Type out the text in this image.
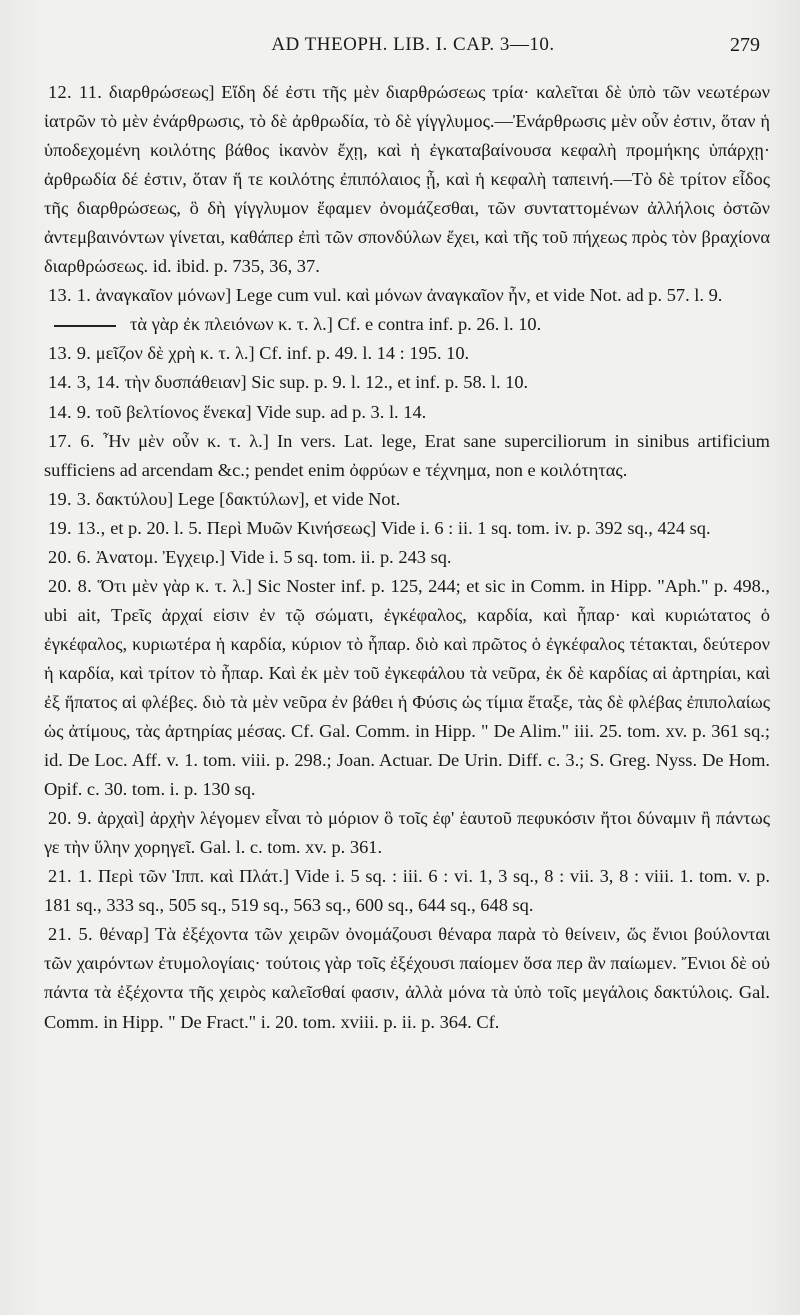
AD THEOPH. LIB. I. CAP. 3—10.	279

12. 11. διαρθρώσεως] Εἴδη δέ ἐστι τῆς μὲν διαρθρώσεως τρία· καλεῖται δὲ ὑπὸ τῶν νεωτέρων ἰατρῶν τὸ μὲν ἐνάρθρωσις, τὸ δὲ ἀρθρωδία, τὸ δὲ γίγγλυμος.—Ἐνάρθρωσις μὲν οὖν ἐστιν, ὅταν ἡ ὑποδεχομένη κοιλότης βάθος ἱκανὸν ἔχῃ, καὶ ἡ ἐγκαταβαίνουσα κεφαλὴ προμήκης ὑπάρχῃ· ἀρθρωδία δέ ἐστιν, ὅταν ἥ τε κοιλότης ἐπιπόλαιος ᾖ, καὶ ἡ κεφαλὴ ταπεινή.—Τὸ δὲ τρίτον εἶδος τῆς διαρθρώσεως, ὃ δὴ γίγγλυμον ἔφαμεν ὀνομάζεσθαι, τῶν συνταττομένων ἀλλήλοις ὀστῶν ἀντεμβαινόντων γίνεται, καθάπερ ἐπὶ τῶν σπονδύλων ἔχει, καὶ τῆς τοῦ πήχεως πρὸς τὸν βραχίονα διαρθρώσεως. id. ibid. p. 735, 36, 37.

13. 1. ἀναγκαῖον μόνων] Lege cum vul. καὶ μόνων ἀναγκαῖον ἦν, et vide Not. ad p. 57. l. 9.

τὰ γὰρ ἐκ πλειόνων κ. τ. λ.] Cf. e contra inf. p. 26. l. 10.

13. 9. μεῖζον δὲ χρὴ κ. τ. λ.] Cf. inf. p. 49. l. 14 : 195. 10.

14. 3, 14. τὴν δυσπάθειαν] Sic sup. p. 9. l. 12., et inf. p. 58. l. 10.

14. 9. τοῦ βελτίονος ἕνεκα] Vide sup. ad p. 3. l. 14.

17. 6. Ἦν μὲν οὖν κ. τ. λ.] In vers. Lat. lege, Erat sane superciliorum in sinibus artificium sufficiens ad arcendam &c.; pendet enim ὀφρύων e τέχνημα, non e κοιλότητας.

19. 3. δακτύλου] Lege [δακτύλων], et vide Not.

19. 13., et p. 20. l. 5. Περὶ Μυῶν Κινήσεως] Vide i. 6 : ii. 1 sq. tom. iv. p. 392 sq., 424 sq.

20. 6. Ἀνατομ. Ἐγχειρ.] Vide i. 5 sq. tom. ii. p. 243 sq.

20. 8. Ὅτι μὲν γὰρ κ. τ. λ.] Sic Noster inf. p. 125, 244; et sic in Comm. in Hipp. "Aph." p. 498., ubi ait, Τρεῖς ἀρχαί εἰσιν ἐν τῷ σώματι, ἐγκέφαλος, καρδία, καὶ ἧπαρ· καὶ κυριώτατος ὁ ἐγκέφαλος, κυριωτέρα ἡ καρδία, κύριον τὸ ἧπαρ. διὸ καὶ πρῶτος ὁ ἐγκέφαλος τέτακται, δεύτερον ἡ καρδία, καὶ τρίτον τὸ ἧπαρ. Καὶ ἐκ μὲν τοῦ ἐγκεφάλου τὰ νεῦρα, ἐκ δὲ καρδίας αἱ ἀρτηρίαι, καὶ ἐξ ἥπατος αἱ φλέβες. διὸ τὰ μὲν νεῦρα ἐν βάθει ἡ Φύσις ὡς τίμια ἔταξε, τὰς δὲ φλέβας ἐπιπολαίως ὡς ἀτίμους, τὰς ἀρτηρίας μέσας. Cf. Gal. Comm. in Hipp. " De Alim." iii. 25. tom. xv. p. 361 sq.; id. De Loc. Aff. v. 1. tom. viii. p. 298.; Joan. Actuar. De Urin. Diff. c. 3.; S. Greg. Nyss. De Hom. Opif. c. 30. tom. i. p. 130 sq.

20. 9. ἀρχαὶ] ἀρχὴν λέγομεν εἶναι τὸ μόριον ὃ τοῖς ἐφ' ἑαυτοῦ πεφυκόσιν ἤτοι δύναμιν ἢ πάντως γε τὴν ὕλην χορηγεῖ. Gal. l. c. tom. xv. p. 361.

21. 1. Περὶ τῶν Ἱππ. καὶ Πλάτ.] Vide i. 5 sq. : iii. 6 : vi. 1, 3 sq., 8 : vii. 3, 8 : viii. 1. tom. v. p. 181 sq., 333 sq., 505 sq., 519 sq., 563 sq., 600 sq., 644 sq., 648 sq.

21. 5. θέναρ] Τὰ ἐξέχοντα τῶν χειρῶν ὀνομάζουσι θέναρα παρὰ τὸ θείνειν, ὥς ἔνιοι βούλονται τῶν χαιρόντων ἐτυμολογίαις· τούτοις γὰρ τοῖς ἐξέχουσι παίομεν ὅσα περ ἂν παίωμεν. Ἔνιοι δὲ οὐ πάντα τὰ ἐξέχοντα τῆς χειρὸς καλεῖσθαί φασιν, ἀλλὰ μόνα τὰ ὑπὸ τοῖς μεγάλοις δακτύλοις. Gal. Comm. in Hipp. " De Fract." i. 20. tom. xviii. p. ii. p. 364. Cf.
